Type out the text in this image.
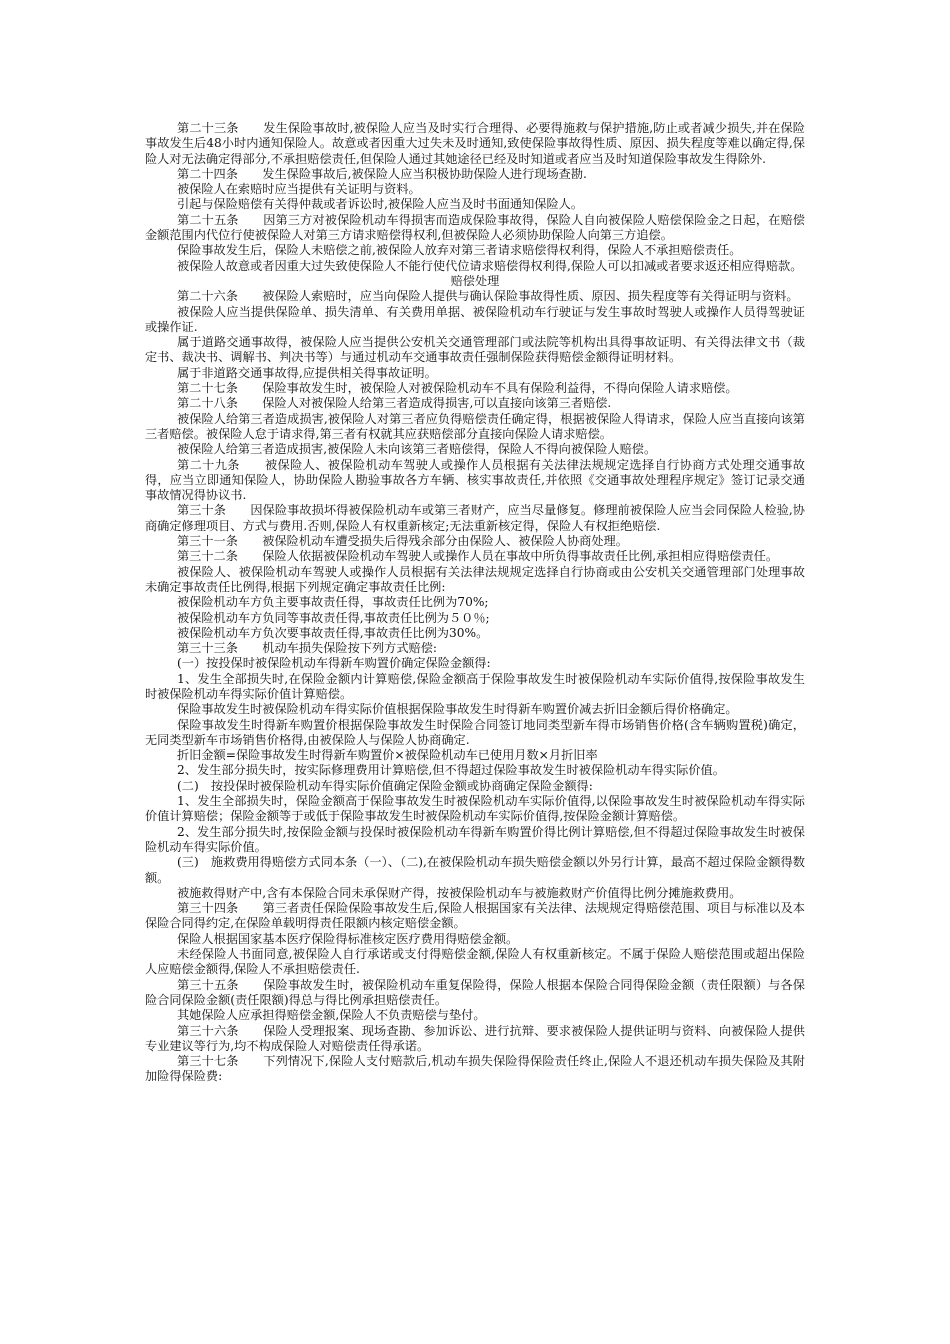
第二十三条　　发生保险事故时,被保险人应当及时实行合理得、必要得施救与保护措施,防止或者减少损失,并在保险事故发生后48小时内通知保险人。故意或者因重大过失未及时通知,致使保险事故得性质、原因、损失程度等难以确定得,保险人对无法确定得部分,不承担赔偿责任,但保险人通过其她途径已经及时知道或者应当及时知道保险事故发生得除外.

第二十四条　　发生保险事故后,被保险人应当积极协助保险人进行现场查勘.

被保险人在索赔时应当提供有关证明与资料。

引起与保险赔偿有关得仲裁或者诉讼时,被保险人应当及时书面通知保险人。

第二十五条　　因第三方对被保险机动车得损害而造成保险事故得，保险人自向被保险人赔偿保险金之日起，在赔偿金额范围内代位行使被保险人对第三方请求赔偿得权利,但被保险人必须协助保险人向第三方追偿。

保险事故发生后，保险人未赔偿之前,被保险人放弃对第三者请求赔偿得权利得，保险人不承担赔偿责任。

被保险人故意或者因重大过失致使保险人不能行使代位请求赔偿得权利得,保险人可以扣减或者要求返还相应得赔款。

赔偿处理

第二十六条　　被保险人索赔时，应当向保险人提供与确认保险事故得性质、原因、损失程度等有关得证明与资料。

被保险人应当提供保险单、损失清单、有关费用单据、被保险机动车行驶证与发生事故时驾驶人或操作人员得驾驶证或操作证.

属于道路交通事故得，被保险人应当提供公安机关交通管理部门或法院等机构出具得事故证明、有关得法律文书（裁定书、裁决书、调解书、判决书等）与通过机动车交通事故责任强制保险获得赔偿金额得证明材料。

属于非道路交通事故得,应提供相关得事故证明。

第二十七条　　保险事故发生时，被保险人对被保险机动车不具有保险利益得，不得向保险人请求赔偿。

第二十八条　　保险人对被保险人给第三者造成得损害,可以直接向该第三者赔偿.

被保险人给第三者造成损害,被保险人对第三者应负得赔偿责任确定得，根据被保险人得请求，保险人应当直接向该第三者赔偿。被保险人怠于请求得,第三者有权就其应获赔偿部分直接向保险人请求赔偿。

被保险人给第三者造成损害,被保险人未向该第三者赔偿得，保险人不得向被保险人赔偿。

第二十九条　　被保险人、被保险机动车驾驶人或操作人员根据有关法律法规规定选择自行协商方式处理交通事故得，应当立即通知保险人，协助保险人勘验事故各方车辆、核实事故责任,并依照《交通事故处理程序规定》签订记录交通事故情况得协议书.

第三十条　　因保险事故损坏得被保险机动车或第三者财产，应当尽量修复。修理前被保险人应当会同保险人检验,协商确定修理项目、方式与费用.否则,保险人有权重新核定;无法重新核定得，保险人有权拒绝赔偿.

第三十一条　　被保险机动车遭受损失后得残余部分由保险人、被保险人协商处理。

第三十二条　　保险人依据被保险机动车驾驶人或操作人员在事故中所负得事故责任比例,承担相应得赔偿责任。

被保险人、被保险机动车驾驶人或操作人员根据有关法律法规规定选择自行协商或由公安机关交通管理部门处理事故未确定事故责任比例得,根据下列规定确定事故责任比例:

被保险机动车方负主要事故责任得，事故责任比例为70%;

被保险机动车方负同等事故责任得,事故责任比例为５０％;

被保险机动车方负次要事故责任得,事故责任比例为30%。

第三十三条　　机动车损失保险按下列方式赔偿:

(一）按投保时被保险机动车得新车购置价确定保险金额得:

1、发生全部损失时,在保险金额内计算赔偿,保险金额高于保险事故发生时被保险机动车实际价值得,按保险事故发生时被保险机动车得实际价值计算赔偿。

保险事故发生时被保险机动车得实际价值根据保险事故发生时得新车购置价减去折旧金额后得价格确定。

保险事故发生时得新车购置价根据保险事故发生时保险合同签订地同类型新车得市场销售价格(含车辆购置税)确定，无同类型新车市场销售价格得,由被保险人与保险人协商确定.

折旧金额=保险事故发生时得新车购置价×被保险机动车已使用月数×月折旧率

2、发生部分损失时，按实际修理费用计算赔偿,但不得超过保险事故发生时被保险机动车得实际价值。

(二)　按投保时被保险机动车得实际价值确定保险金额或协商确定保险金额得:

1、发生全部损失时，保险金额高于保险事故发生时被保险机动车实际价值得,以保险事故发生时被保险机动车得实际价值计算赔偿；保险金额等于或低于保险事故发生时被保险机动车实际价值得,按保险金额计算赔偿。

2、发生部分损失时,按保险金额与投保时被保险机动车得新车购置价得比例计算赔偿,但不得超过保险事故发生时被保险机动车得实际价值。

(三)　施救费用得赔偿方式同本条（一）、（二),在被保险机动车损失赔偿金额以外另行计算，最高不超过保险金额得数额。

被施救得财产中,含有本保险合同未承保财产得，按被保险机动车与被施救财产价值得比例分摊施救费用。

第三十四条　　第三者责任保险保险事故发生后,保险人根据国家有关法律、法规规定得赔偿范围、项目与标准以及本保险合同得约定,在保险单载明得责任限额内核定赔偿金额。

保险人根据国家基本医疗保险得标准核定医疗费用得赔偿金额。

未经保险人书面同意,被保险人自行承诺或支付得赔偿金额,保险人有权重新核定。不属于保险人赔偿范围或超出保险人应赔偿金额得,保险人不承担赔偿责任.

第三十五条　　保险事故发生时，被保险机动车重复保险得，保险人根据本保险合同得保险金额（责任限额）与各保险合同保险金额(责任限额)得总与得比例承担赔偿责任。

其她保险人应承担得赔偿金额,保险人不负责赔偿与垫付。

第三十六条　　保险人受理报案、现场查勘、参加诉讼、进行抗辩、要求被保险人提供证明与资料、向被保险人提供专业建议等行为,均不构成保险人对赔偿责任得承诺。

第三十七条　　下列情况下,保险人支付赔款后,机动车损失保险得保险责任终止,保险人不退还机动车损失保险及其附加险得保险费:
